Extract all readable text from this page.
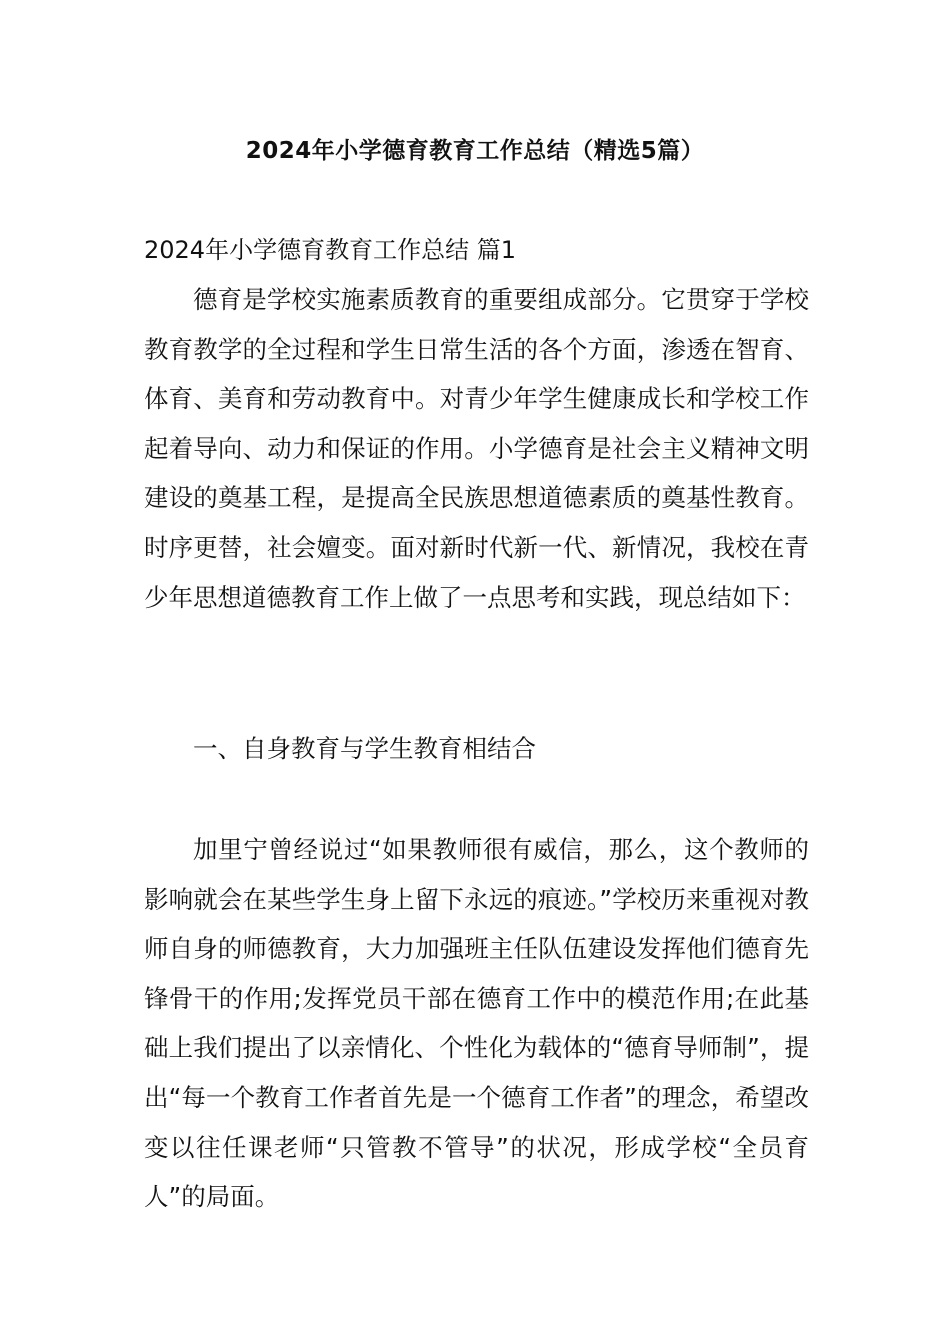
2024年小学德育教育工作总结（精选5篇）
2024年小学德育教育工作总结 篇1

德育是学校实施素质教育的重要组成部分。它贯穿于学校教育教学的全过程和学生日常生活的各个方面，渗透在智育、体育、美育和劳动教育中。对青少年学生健康成长和学校工作起着导向、动力和保证的作用。小学德育是社会主义精神文明建设的奠基工程，是提高全民族思想道德素质的奠基性教育。时序更替，社会嬗变。面对新时代新一代、新情况，我校在青少年思想道德教育工作上做了一点思考和实践，现总结如下：

一、自身教育与学生教育相结合

加里宁曾经说过“如果教师很有威信，那么，这个教师的影响就会在某些学生身上留下永远的痕迹。”学校历来重视对教师自身的师德教育，大力加强班主任队伍建设发挥他们德育先锋骨干的作用;发挥党员干部在德育工作中的模范作用;在此基础上我们提出了以亲情化、个性化为载体的“德育导师制”，提出“每一个教育工作者首先是一个德育工作者”的理念，希望改变以往任课老师“只管教不管导”的状况，形成学校“全员育人”的局面。
